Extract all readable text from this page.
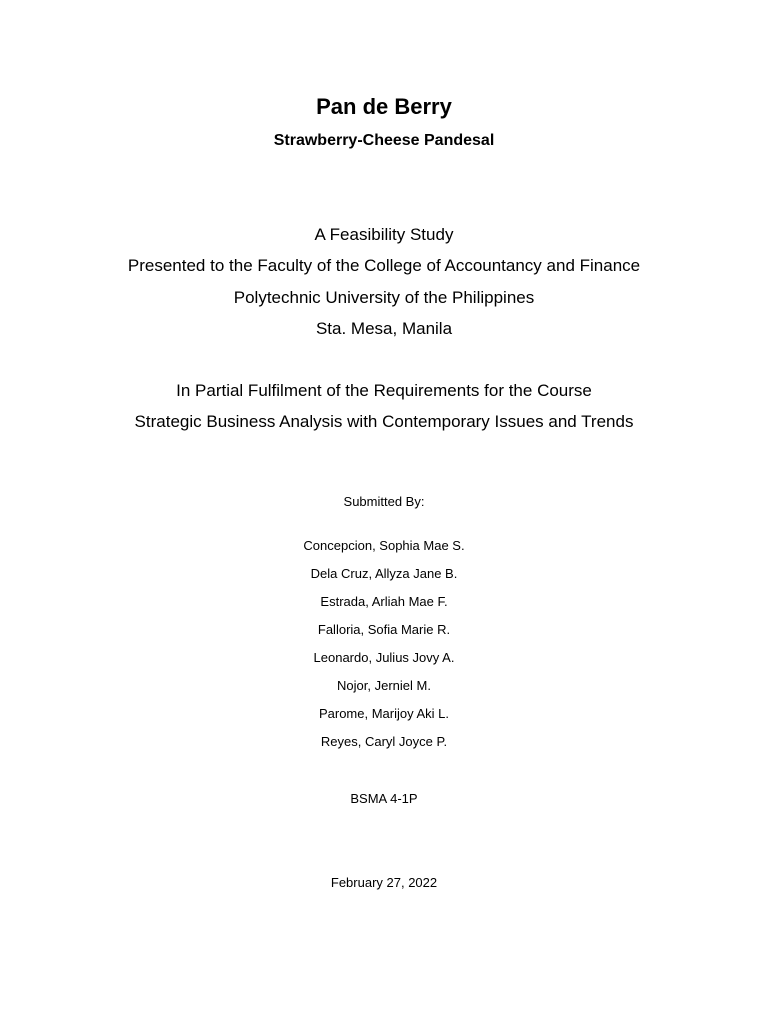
Pan de Berry
Strawberry-Cheese Pandesal
A Feasibility Study
Presented to the Faculty of the College of Accountancy and Finance
Polytechnic University of the Philippines
Sta. Mesa, Manila
In Partial Fulfilment of the Requirements for the Course
Strategic Business Analysis with Contemporary Issues and Trends
Submitted By:
Concepcion, Sophia Mae S.
Dela Cruz, Allyza Jane B.
Estrada, Arliah Mae F.
Falloria, Sofia Marie R.
Leonardo, Julius Jovy A.
Nojor, Jerniel M.
Parome, Marijoy Aki L.
Reyes, Caryl Joyce P.
BSMA 4-1P
February 27, 2022
